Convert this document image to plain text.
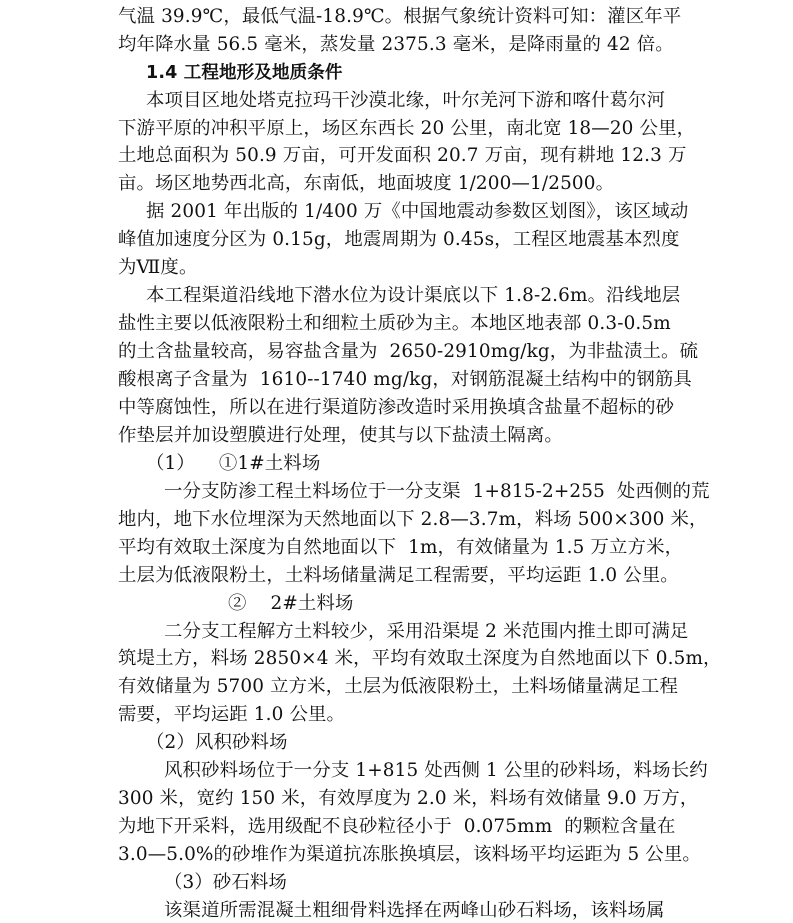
气温 39.9℃，最低气温-18.9℃。根据气象统计资料可知：灌区年平
均年降水量 56.5 毫米，蒸发量 2375.3 毫米，是降雨量的 42 倍。
1.4 工程地形及地质条件
本项目区地处塔克拉玛干沙漠北缘，叶尔羌河下游和喀什葛尔河
下游平原的冲积平原上，场区东西长 20 公里，南北宽 18—20 公里，
土地总面积为 50.9 万亩，可开发面积 20.7 万亩，现有耕地 12.3 万
亩。场区地势西北高，东南低，地面坡度 1/200—1/2500。
据 2001 年出版的 1/400 万《中国地震动参数区划图》，该区域动
峰值加速度分区为 0.15g，地震周期为 0.45s，工程区地震基本烈度
为Ⅶ度。
本工程渠道沿线地下潜水位为设计渠底以下 1.8-2.6m。沿线地层
盐性主要以低液限粉土和细粒土质砂为主。本地区地表部 0.3-0.5m
的土含盐量较高，易容盐含量为  2650-2910mg/kg，为非盐渍土。硫
酸根离子含量为  1610--1740 mg/kg，对钢筋混凝土结构中的钢筋具
中等腐蚀性，所以在进行渠道防渗改造时采用换填含盐量不超标的砂
作垫层并加设塑膜进行处理，使其与以下盐渍土隔离。
（1）    ①1#土料场
一分支防渗工程土料场位于一分支渠  1+815-2+255  处西侧的荒
地内，地下水位埋深为天然地面以下 2.8—3.7m，料场 500×300 米，
平均有效取土深度为自然地面以下  1m，有效储量为 1.5 万立方米，
土层为低液限粉土，土料场储量满足工程需要，平均运距 1.0 公里。
②    2#土料场
二分支工程解方土料较少，采用沿渠堤 2 米范围内推土即可满足
筑堤土方，料场 2850×4 米，平均有效取土深度为自然地面以下 0.5m，
有效储量为 5700 立方米，土层为低液限粉土，土料场储量满足工程
需要，平均运距 1.0 公里。
（2）风积砂料场
风积砂料场位于一分支 1+815 处西侧 1 公里的砂料场，料场长约
300 米，宽约 150 米，有效厚度为 2.0 米，料场有效储量 9.0 万方，
为地下开采料，选用级配不良砂粒径小于  0.075mm  的颗粒含量在
3.0—5.0%的砂堆作为渠道抗冻胀换填层，该料场平均运距为 5 公里。
（3）砂石料场
该渠道所需混凝土粗细骨料选择在两峰山砂石料场，该料场属
